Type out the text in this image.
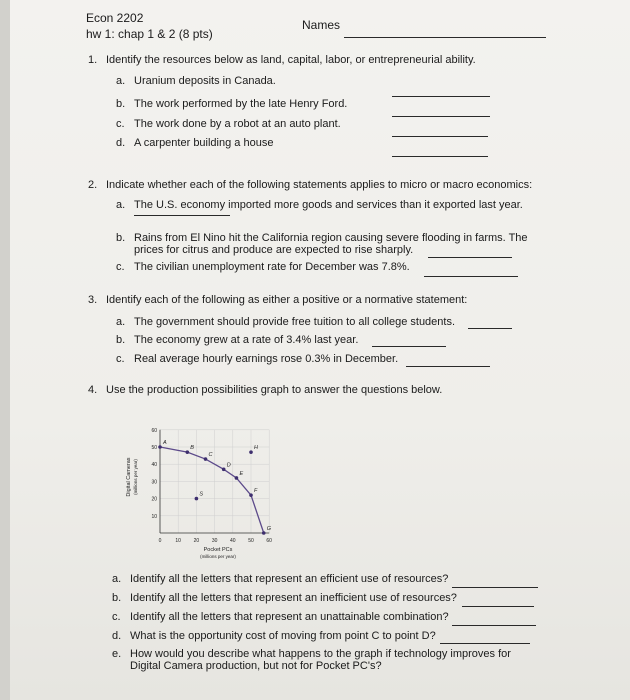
Econ 2202
hw 1: chap 1 & 2 (8 pts)
Names
1. Identify the resources below as land, capital, labor, or entrepreneurial ability.
a. Uranium deposits in Canada.
b. The work performed by the late Henry Ford.
c. The work done by a robot at an auto plant.
d. A carpenter building a house
2. Indicate whether each of the following statements applies to micro or macro economics:
a. The U.S. economy imported more goods and services than it exported last year.
b. Rains from El Nino hit the California region causing severe flooding in farms. The
prices for citrus and produce are expected to rise sharply.
c. The civilian unemployment rate for December was 7.8%.
3. Identify each of the following as either a positive or a normative statement:
a. The government should provide free tuition to all college students.
b. The economy grew at a rate of 3.4% last year.
c. Real average hourly earnings rose 0.3% in December.
4. Use the production possibilities graph to answer the questions below.
0	10	20	30	40	50	60
10
20
30
40
50
60
A
B
C
D
E
F
G
H
S
Pocket PCs
(millions per year)
Digital Cameras (millions per year)
a. Identify all the letters that represent an efficient use of resources?
b. Identify all the letters that represent an inefficient use of resources?
c. Identify all the letters that represent an unattainable combination?
d. What is the opportunity cost of moving from point C to point D?
e. How would you describe what happens to the graph if technology improves for
Digital Camera production, but not for Pocket PC's?
